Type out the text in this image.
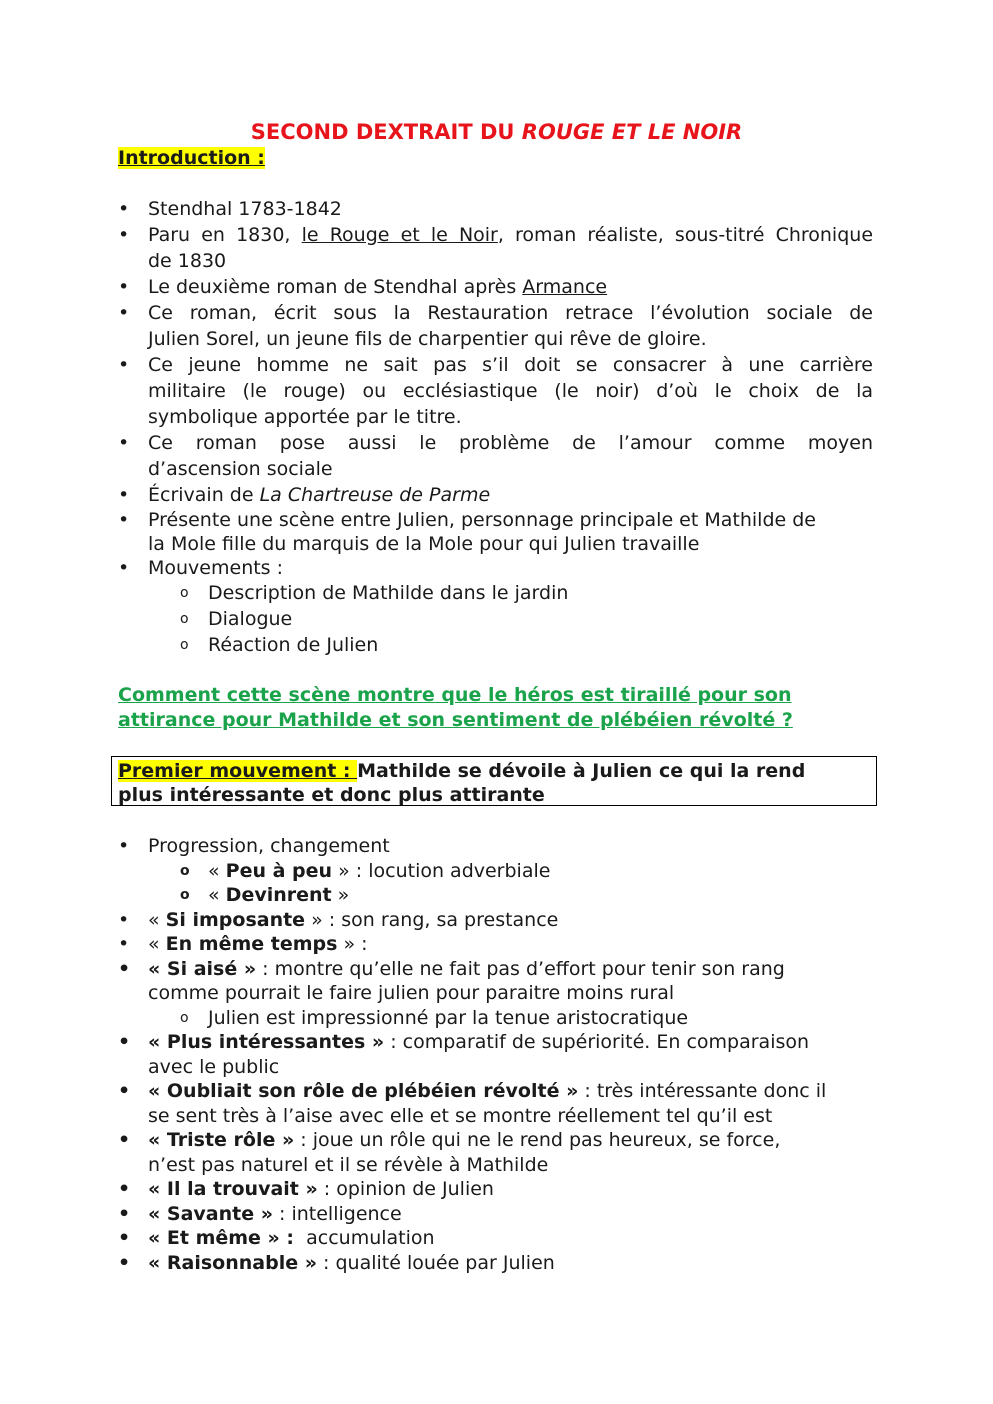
SECOND DEXTRAIT DU ROUGE ET LE NOIR
Introduction :
• Stendhal 1783-1842
• Paru en 1830, le Rouge et le Noir, roman réaliste, sous-titré Chronique
de 1830
• Le deuxième roman de Stendhal après Armance
• Ce roman, écrit sous la Restauration retrace l’évolution sociale de
Julien Sorel, un jeune fils de charpentier qui rêve de gloire.
• Ce jeune homme ne sait pas s’il doit se consacrer à une carrière
militaire (le rouge) ou ecclésiastique (le noir) d’où le choix de la
symbolique apportée par le titre.
• Ce roman pose aussi le problème de l’amour comme moyen
d’ascension sociale
• Écrivain de La Chartreuse de Parme
• Présente une scène entre Julien, personnage principale et Mathilde de
la Mole fille du marquis de la Mole pour qui Julien travaille
• Mouvements :
o Description de Mathilde dans le jardin
o Dialogue
o Réaction de Julien
Comment cette scène montre que le héros est tiraillé pour son
attirance pour Mathilde et son sentiment de plébéien révolté ?
Premier mouvement : Mathilde se dévoile à Julien ce qui la rend
plus intéressante et donc plus attirante
• Progression, changement
o « Peu à peu » : locution adverbiale
o « Devinrent »
• « Si imposante » : son rang, sa prestance
• « En même temps » :
• « Si aisé » : montre qu’elle ne fait pas d’effort pour tenir son rang
comme pourrait le faire julien pour paraitre moins rural
o Julien est impressionné par la tenue aristocratique
• « Plus intéressantes » : comparatif de supériorité. En comparaison
avec le public
• « Oubliait son rôle de plébéien révolté » : très intéressante donc il
se sent très à l’aise avec elle et se montre réellement tel qu’il est
• « Triste rôle » : joue un rôle qui ne le rend pas heureux, se force,
n’est pas naturel et il se révèle à Mathilde
• « Il la trouvait » : opinion de Julien
• « Savante » : intelligence
• « Et même » :  accumulation
• « Raisonnable » : qualité louée par Julien
